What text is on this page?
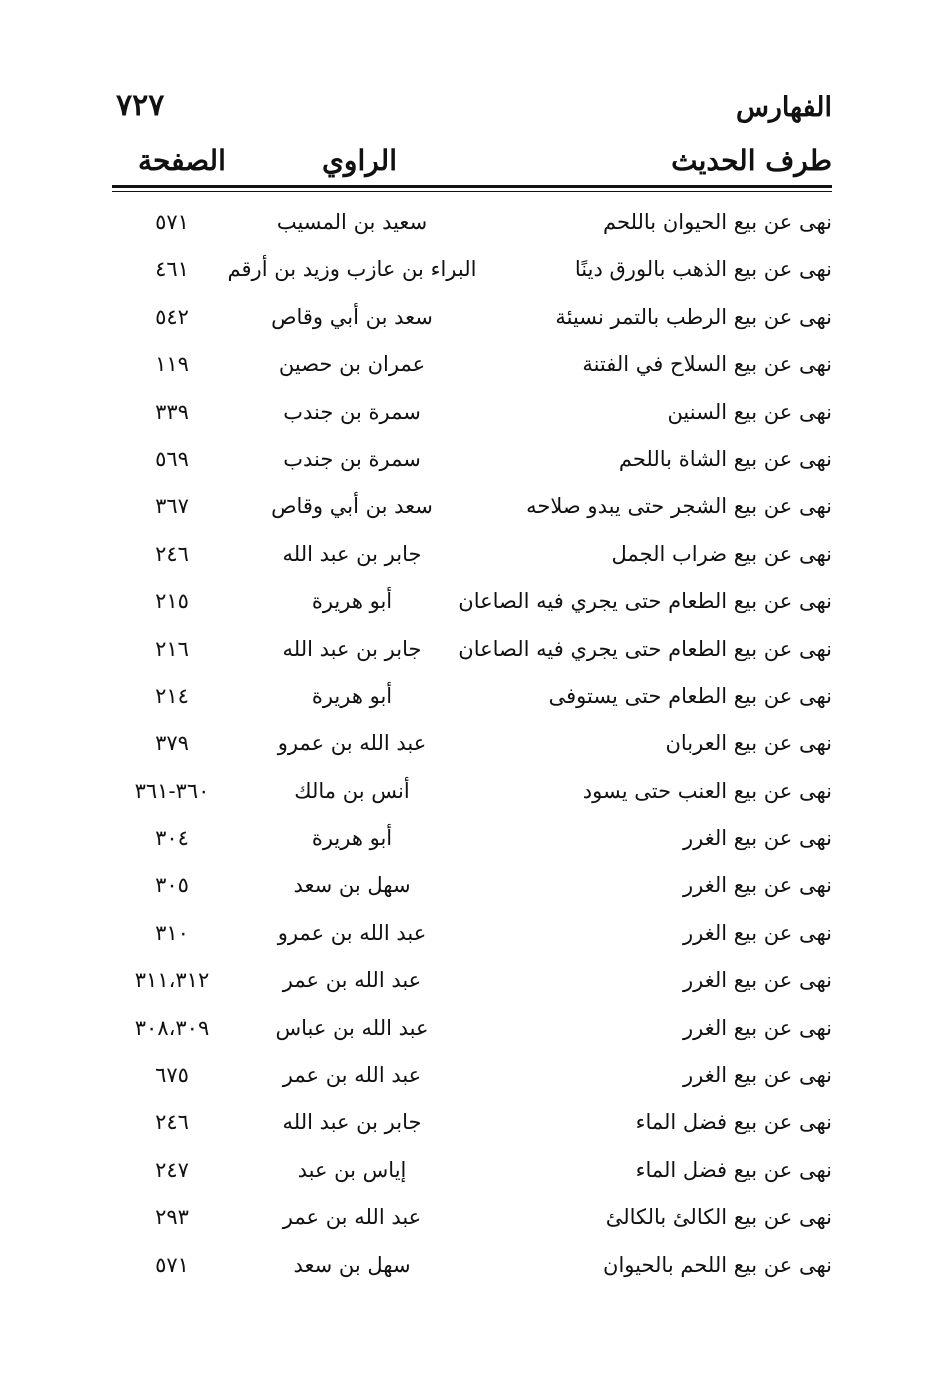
الفهارس
٧٢٧
طرف الحديث
الراوي
الصفحة
نهى عن بيع الحيوان باللحم
سعيد بن المسيب
٥٧١
نهى عن بيع الذهب بالورق دينًا
البراء بن عازب وزيد بن أرقم
٤٦١
نهى عن بيع الرطب بالتمر نسيئة
سعد بن أبي وقاص
٥٤٢
نهى عن بيع السلاح في الفتنة
عمران بن حصين
١١٩
نهى عن بيع السنين
سمرة بن جندب
٣٣٩
نهى عن بيع الشاة باللحم
سمرة بن جندب
٥٦٩
نهى عن بيع الشجر حتى يبدو صلاحه
سعد بن أبي وقاص
٣٦٧
نهى عن بيع ضراب الجمل
جابر بن عبد الله
٢٤٦
نهى عن بيع الطعام حتى يجري فيه الصاعان
أبو هريرة
٢١٥
نهى عن بيع الطعام حتى يجري فيه الصاعان
جابر بن عبد الله
٢١٦
نهى عن بيع الطعام حتى يستوفى
أبو هريرة
٢١٤
نهى عن بيع العربان
عبد الله بن عمرو
٣٧٩
نهى عن بيع العنب حتى يسود
أنس بن مالك
٣٦٠-٣٦١
نهى عن بيع الغرر
أبو هريرة
٣٠٤
نهى عن بيع الغرر
سهل بن سعد
٣٠٥
نهى عن بيع الغرر
عبد الله بن عمرو
٣١٠
نهى عن بيع الغرر
عبد الله بن عمر
٣١١،٣١٢
نهى عن بيع الغرر
عبد الله بن عباس
٣٠٨،٣٠٩
نهى عن بيع الغرر
عبد الله بن عمر
٦٧٥
نهى عن بيع فضل الماء
جابر بن عبد الله
٢٤٦
نهى عن بيع فضل الماء
إياس بن عبد
٢٤٧
نهى عن بيع الكالئ بالكالئ
عبد الله بن عمر
٢٩٣
نهى عن بيع اللحم بالحيوان
سهل بن سعد
٥٧١
